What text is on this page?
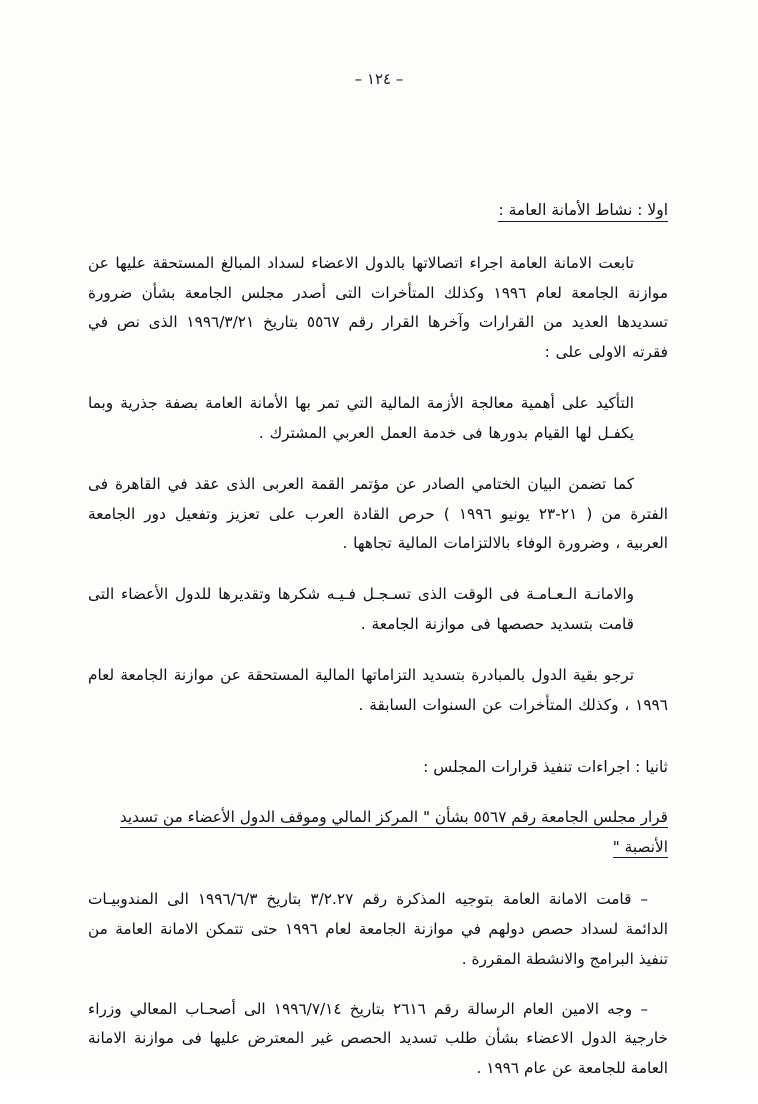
– ١٢٤ –
اولا : نشاط الأمانة العامة :

تابعت الامانة العامة اجراء اتصالاتها بالدول الاعضاء لسداد المبالغ المستحقة عليها عن موازنة الجامعة لعام ١٩٩٦ وكذلك المتأخرات التى أصدر مجلس الجامعة بشأن ضرورة تسديدها العديد من القرارات وآخرها القرار رقم ٥٥٦٧ بتاريخ ١٩٩٦/٣/٢١ الذى نص في فقرته الاولى على :

التأكيد على أهمية معالجة الأزمة المالية التي تمر بها الأمانة العامة بصفة جذرية وبما يكفـل لها القيام بدورها فى خدمة العمل العربي المشترك .

كما تضمن البيان الختامي الصادر عن مؤتمر القمة العربى الذى عقد في القاهرة فى الفترة من ( ٢١-٢٣ يونيو ١٩٩٦ ) حرص القادة العرب على تعزيز وتفعيل دور الجامعة العربية ، وضرورة الوفاء بالالتزامات المالية تجاهها .

والامانـة الـعـامـة فى الوقت الذى تسـجـل فـيـه شكرها وتقديرها للدول الأعضاء التى قامت بتسديد حصصها فى موازنة الجامعة .

ترجو بقية الدول بالمبادرة بتسديد التزاماتها المالية المستحقة عن موازنة الجامعة لعام ١٩٩٦ ، وكذلك المتأخرات عن السنوات السابقة .

ثانيا : اجراءات تنفيذ قرارات المجلس :
قرار مجلس الجامعة رقم ٥٥٦٧ بشأن " المركز المالي وموقف الدول الأعضاء من تسديد الأنصبة "

– قامت الامانة العامة بتوجيه المذكرة رقم ٣/٢.٢٧ بتاريخ ١٩٩٦/٦/٣ الى المندوبيـات الدائمة لسداد حصص دولهم في موازنة الجامعة لعام ١٩٩٦ حتى تتمكن الامانة العامة من تنفيذ البرامج والانشطة المقررة .

– وجه الامين العام الرسالة رقم ٢٦١٦ بتاريخ ١٩٩٦/٧/١٤ الى أصحـاب المعالي وزراء خارجية الدول الاعضاء بشأن طلب تسديد الحصص غير المعترض عليها فى موازنة الامانة العامة للجامعة عن عام ١٩٩٦ .
